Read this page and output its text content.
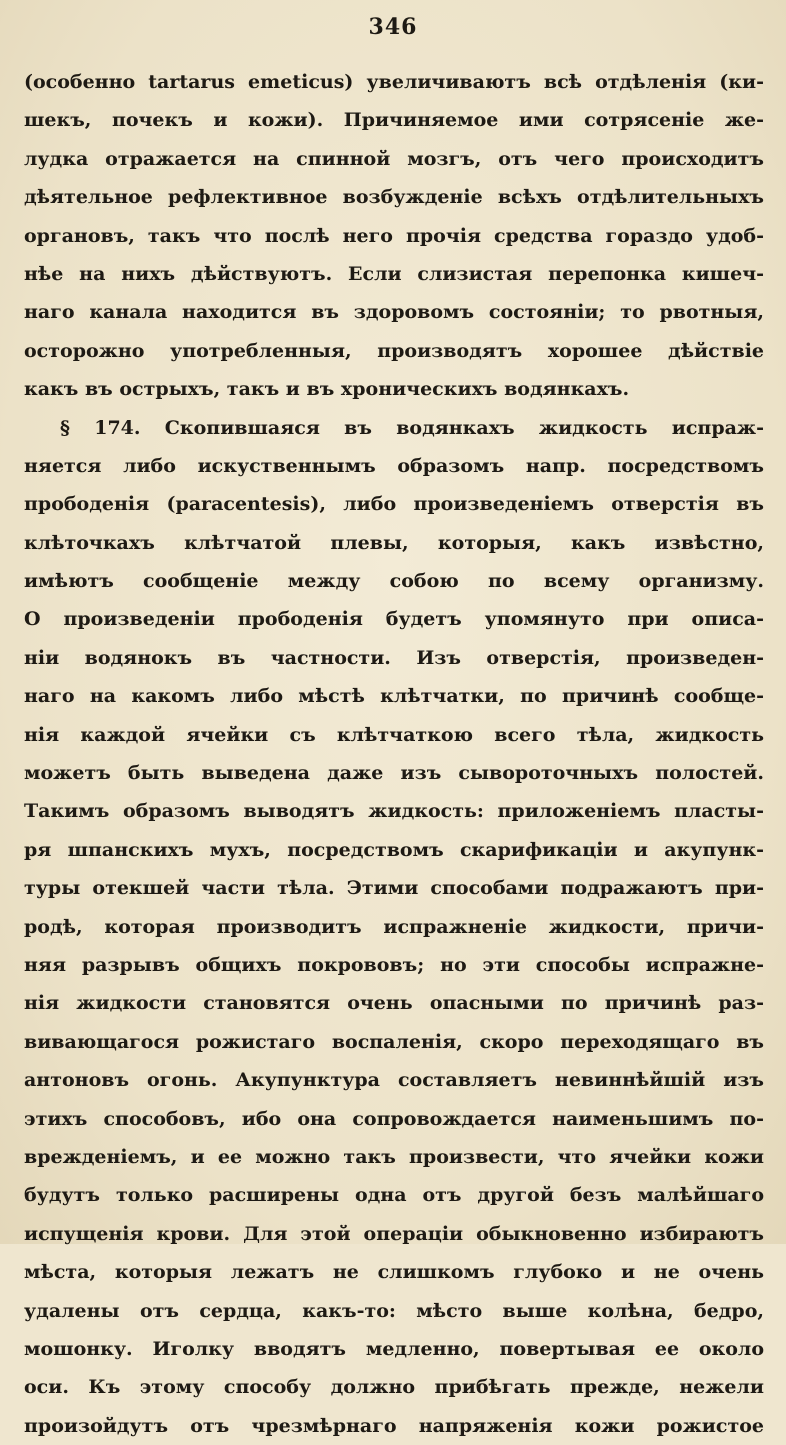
346
(особенно tartarus emeticus) увеличиваютъ всѣ отдѣленія (ки-
шекъ, почекъ и кожи). Причиняемое ими сотрясеніе же-
лудка отражается на спинной мозгъ, отъ чего происходитъ
дѣятельное рефлективное возбужденіе всѣхъ отдѣлительныхъ
органовъ, такъ что послѣ него прочія средства гораздо удоб-
нѣе на нихъ дѣйствуютъ. Если слизистая перепонка кишеч-
наго канала находится въ здоровомъ состояніи; то рвотныя,
осторожно употребленныя, производятъ хорошее дѣйствіе
какъ въ острыхъ, такъ и въ хроническихъ водянкахъ.
§ 174. Скопившаяся въ водянкахъ жидкость испраж-
няется либо искуственнымъ образомъ напр. посредствомъ
прободенія (paracentesis), либо произведеніемъ отверстія въ
клѣточкахъ клѣтчатой плевы, которыя, какъ извѣстно,
имѣютъ сообщеніе между собою по всему организму.
О произведеніи прободенія будетъ упомянуто при описа-
ніи водянокъ въ частности. Изъ отверстія, произведен-
наго на какомъ либо мѣстѣ клѣтчатки, по причинѣ сообще-
нія каждой ячейки съ клѣтчаткою всего тѣла, жидкость
можетъ быть выведена даже изъ сывороточныхъ полостей.
Такимъ образомъ выводятъ жидкость: приложеніемъ пласты-
ря шпанскихъ мухъ, посредствомъ скарификаціи и акупунк-
туры отекшей части тѣла. Этими способами подражаютъ при-
родѣ, которая производитъ испражненіе жидкости, причи-
няя разрывъ общихъ покрововъ; но эти способы испражне-
нія жидкости становятся очень опасными по причинѣ раз-
вивающагося рожистаго воспаленія, скоро переходящаго въ
антоновъ огонь. Акупунктура составляетъ невиннѣйшій изъ
этихъ способовъ, ибо она сопровождается наименьшимъ по-
врежденіемъ, и ее можно такъ произвести, что ячейки кожи
будутъ только расширены одна отъ другой безъ малѣйшаго
испущенія крови. Для этой операціи обыкновенно избираютъ
мѣста, которыя лежатъ не слишкомъ глубоко и не очень
удалены отъ сердца, какъ-то: мѣсто выше колѣна, бедро,
мошонку. Иголку вводятъ медленно, повертывая ее около
оси. Къ этому способу должно прибѣгать прежде, нежели
произойдутъ отъ чрезмѣрнаго напряженія кожи рожистое
